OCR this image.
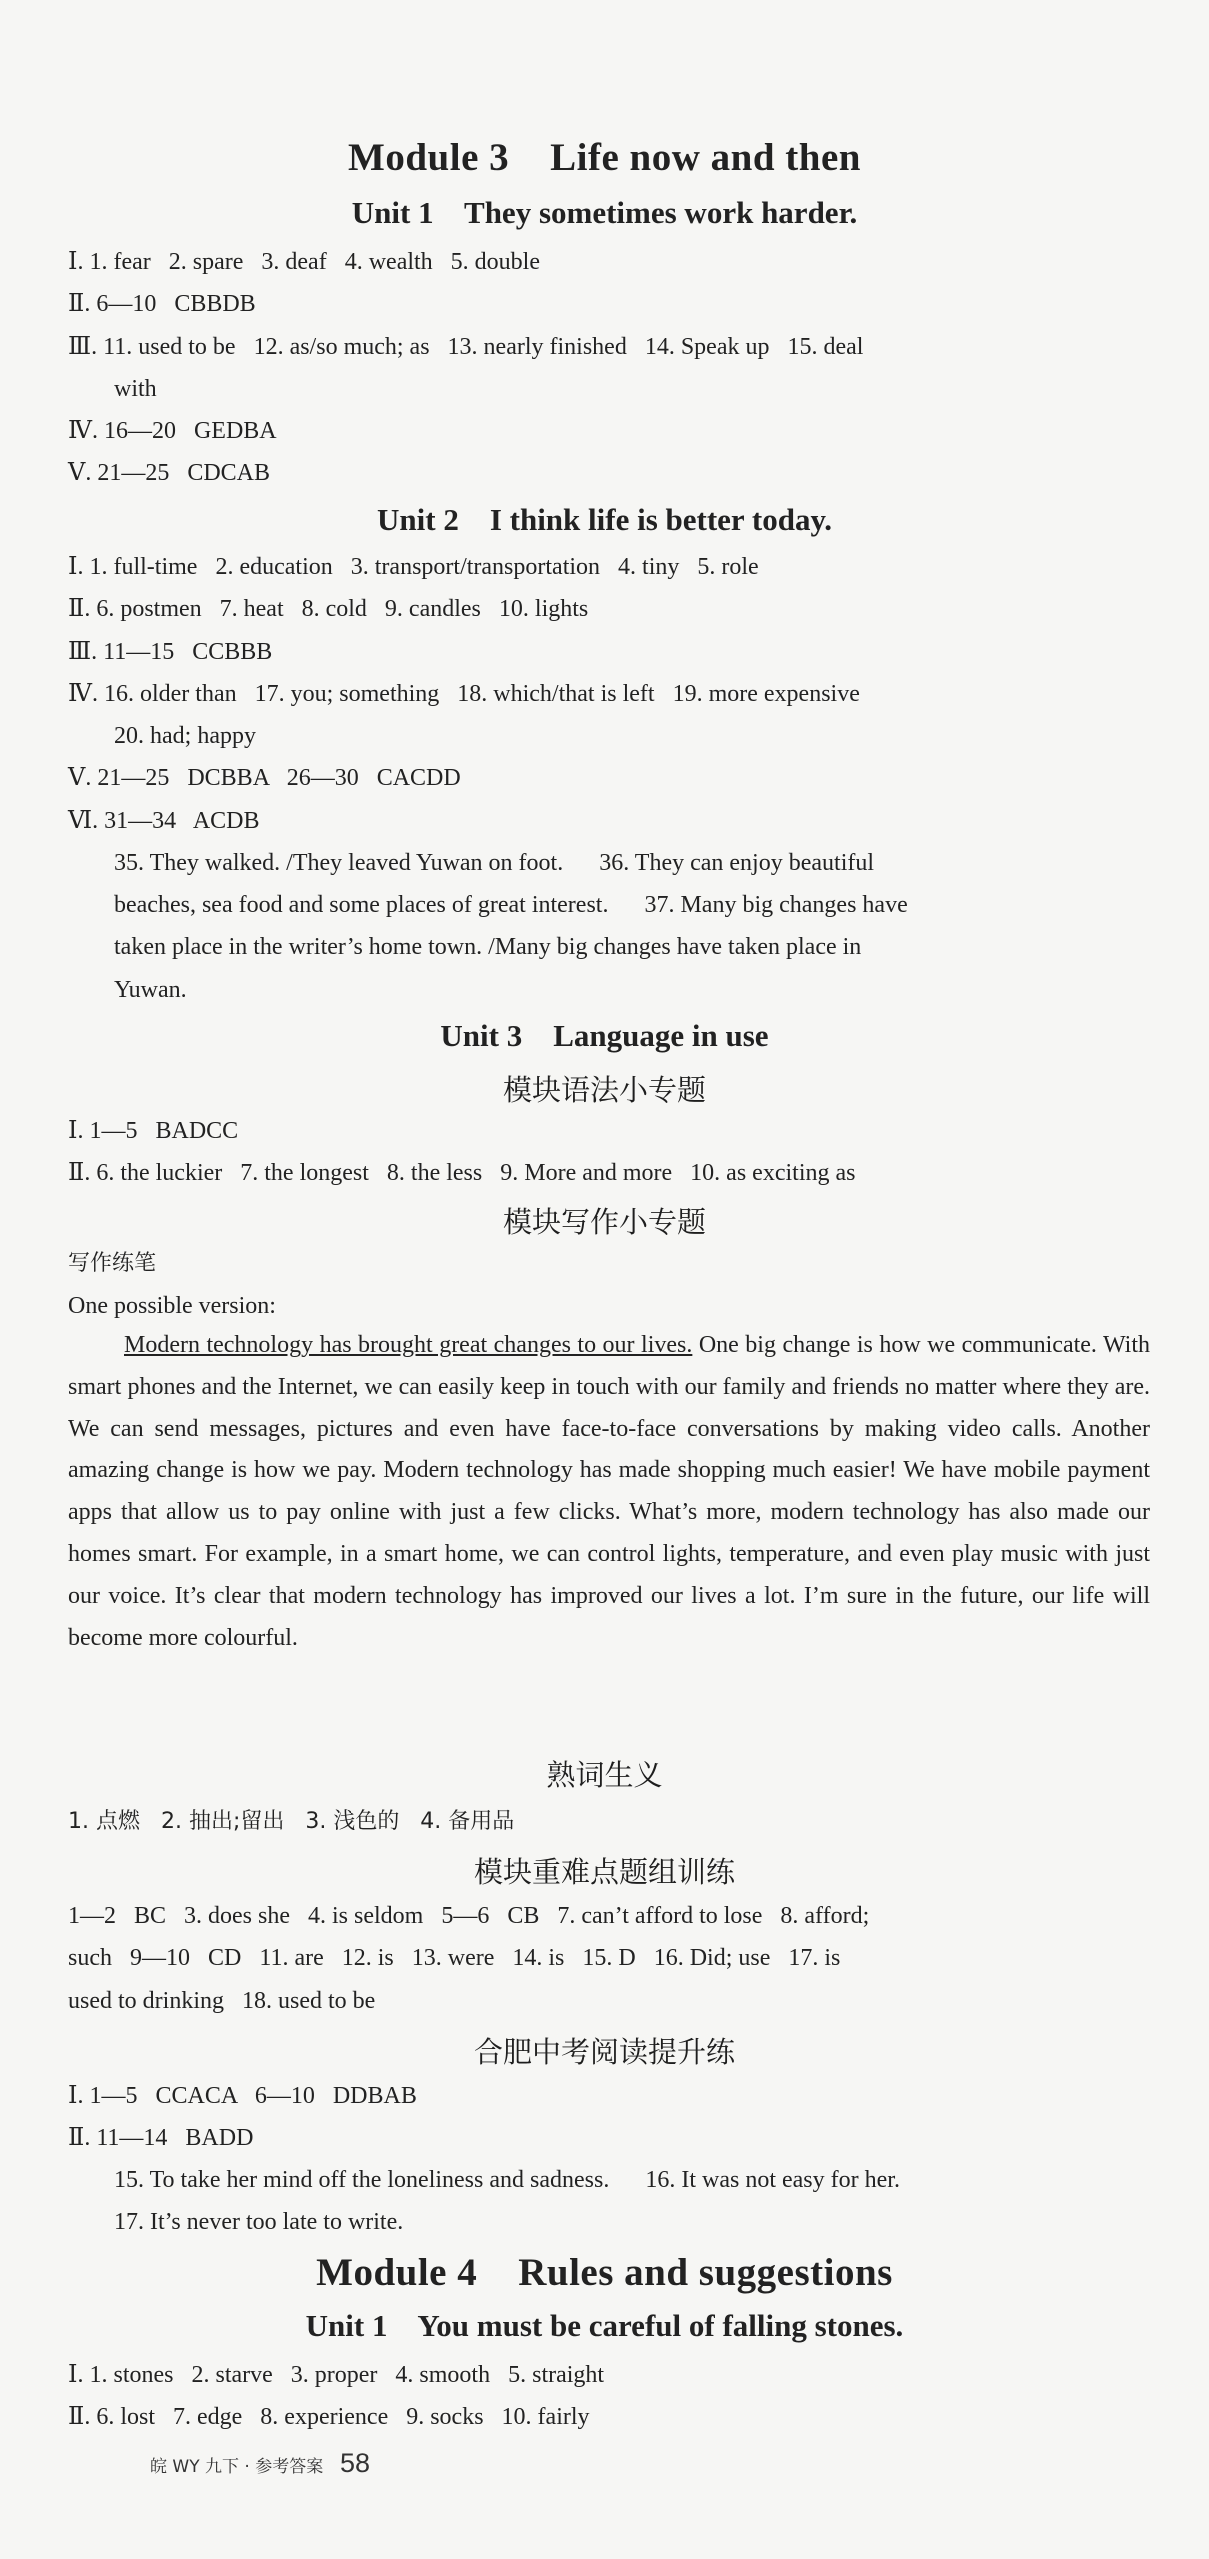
Module 3    Life now and then
Unit 1    They sometimes work harder.
Ⅰ. 1. fear   2. spare   3. deaf   4. wealth   5. double
Ⅱ. 6—10   CBBDB
Ⅲ. 11. used to be   12. as/so much; as   13. nearly finished   14. Speak up   15. deal
with
Ⅳ. 16—20   GEDBA
Ⅴ. 21—25   CDCAB
Unit 2    I think life is better today.
Ⅰ. 1. full-time   2. education   3. transport/transportation   4. tiny   5. role
Ⅱ. 6. postmen   7. heat   8. cold   9. candles   10. lights
Ⅲ. 11—15   CCBBB
Ⅳ. 16. older than   17. you; something   18. which/that is left   19. more expensive
20. had; happy
Ⅴ. 21—25   DCBBA   26—30   CACDD
Ⅵ. 31—34   ACDB
35. They walked. /They leaved Yuwan on foot.      36. They can enjoy beautiful
beaches, sea food and some places of great interest.      37. Many big changes have
taken place in the writer’s home town. /Many big changes have taken place in
Yuwan.
Unit 3    Language in use
模块语法小专题
Ⅰ. 1—5   BADCC
Ⅱ. 6. the luckier   7. the longest   8. the less   9. More and more   10. as exciting as
模块写作小专题
写作练笔
One possible version:
Modern technology has brought great changes to our lives. One big change is how we communicate. With smart phones and the Internet, we can easily keep in touch with our family and friends no matter where they are. We can send messages, pictures and even have face-to-face conversations by making video calls. Another amazing change is how we pay. Modern technology has made shopping much easier! We have mobile payment apps that allow us to pay online with just a few clicks. What’s more, modern technology has also made our homes smart. For example, in a smart home, we can control lights, temperature, and even play music with just our voice. It’s clear that modern technology has improved our lives a lot. I’m sure in the future, our life will become more colourful.
熟词生义
1. 点燃   2. 抽出;留出   3. 浅色的   4. 备用品
模块重难点题组训练
1—2   BC   3. does she   4. is seldom   5—6   CB   7. can’t afford to lose   8. afford;
such   9—10   CD   11. are   12. is   13. were   14. is   15. D   16. Did; use   17. is
used to drinking   18. used to be
合肥中考阅读提升练
Ⅰ. 1—5   CCACA   6—10   DDBAB
Ⅱ. 11—14   BADD
15. To take her mind off the loneliness and sadness.      16. It was not easy for her.
17. It’s never too late to write.
Module 4    Rules and suggestions
Unit 1    You must be careful of falling stones.
Ⅰ. 1. stones   2. starve   3. proper   4. smooth   5. straight
Ⅱ. 6. lost   7. edge   8. experience   9. socks   10. fairly
皖 WY 九下 · 参考答案 58
